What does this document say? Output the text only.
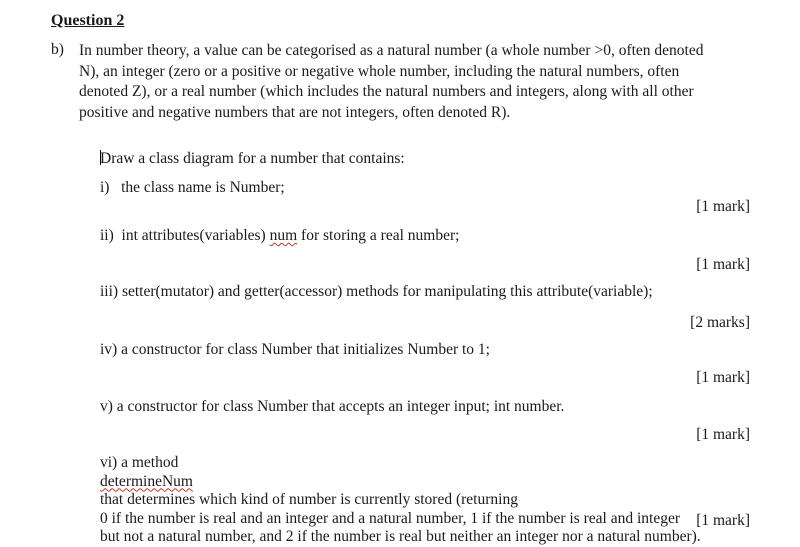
Question 2
b) In number theory, a value can be categorised as a natural number (a whole number >0, often denoted
N), an integer (zero or a positive or negative whole number, including the natural numbers, often
denoted Z), or a real number (which includes the natural numbers and integers, along with all other
positive and negative numbers that are not integers, often denoted R).
Draw a class diagram for a number that contains:
i) the class name is Number;
[1 mark]
ii) int attributes(variables) num for storing a real number;
[1 mark]
iii) setter(mutator) and getter(accessor) methods for manipulating this attribute(variable);
[2 marks]
iv) a constructor for class Number that initializes Number to 1;
[1 mark]
v) a constructor for class Number that accepts an integer input; int number.
[1 mark]
vi) a method
determineNum
that determines which kind of number is currently stored (returning
0 if the number is real and an integer and a natural number, 1 if the number is real and integer
but not a natural number, and 2 if the number is real but neither an integer nor a natural number).
[1 mark]
